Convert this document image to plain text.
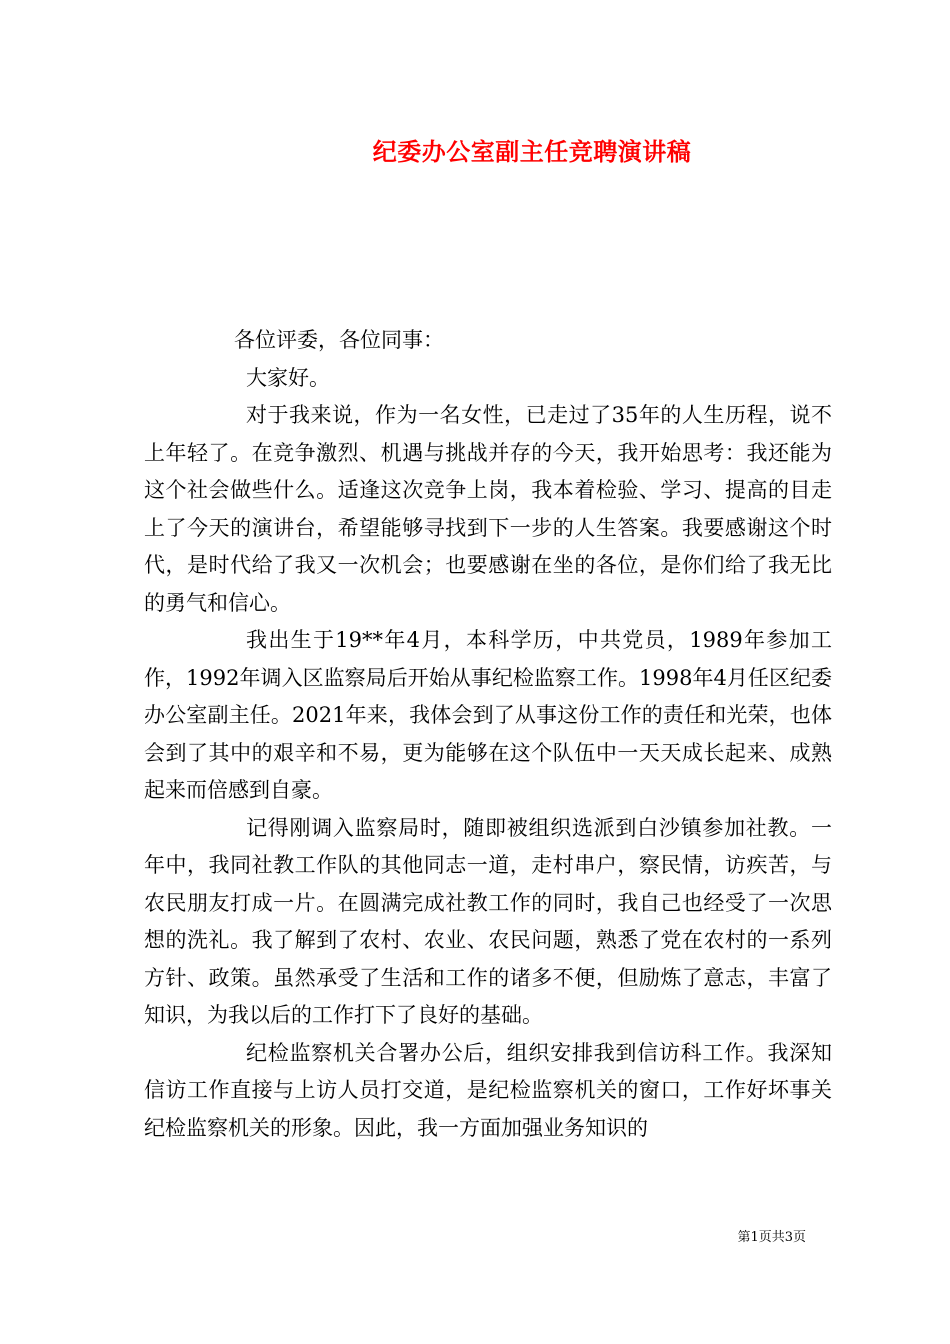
纪委办公室副主任竞聘演讲稿

各位评委，各位同事：

大家好。

对于我来说，作为一名女性，已走过了35年的人生历程，说不上年轻了。在竞争激烈、机遇与挑战并存的今天，我开始思考：我还能为这个社会做些什么。适逢这次竞争上岗，我本着检验、学习、提高的目走上了今天的演讲台，希望能够寻找到下一步的人生答案。我要感谢这个时代，是时代给了我又一次机会；也要感谢在坐的各位，是你们给了我无比的勇气和信心。

我出生于19**年4月，本科学历，中共党员，1989年参加工作，1992年调入区监察局后开始从事纪检监察工作。1998年4月任区纪委办公室副主任。2021年来，我体会到了从事这份工作的责任和光荣，也体会到了其中的艰辛和不易，更为能够在这个队伍中一天天成长起来、成熟起来而倍感到自豪。

记得刚调入监察局时，随即被组织选派到白沙镇参加社教。一年中，我同社教工作队的其他同志一道，走村串户，察民情，访疾苦，与农民朋友打成一片。在圆满完成社教工作的同时，我自己也经受了一次思想的洗礼。我了解到了农村、农业、农民问题，熟悉了党在农村的一系列方针、政策。虽然承受了生活和工作的诸多不便，但励炼了意志，丰富了知识，为我以后的工作打下了良好的基础。

纪检监察机关合署办公后，组织安排我到信访科工作。我深知信访工作直接与上访人员打交道，是纪检监察机关的窗口，工作好坏事关纪检监察机关的形象。因此，我一方面加强业务知识的

第1页共3页
